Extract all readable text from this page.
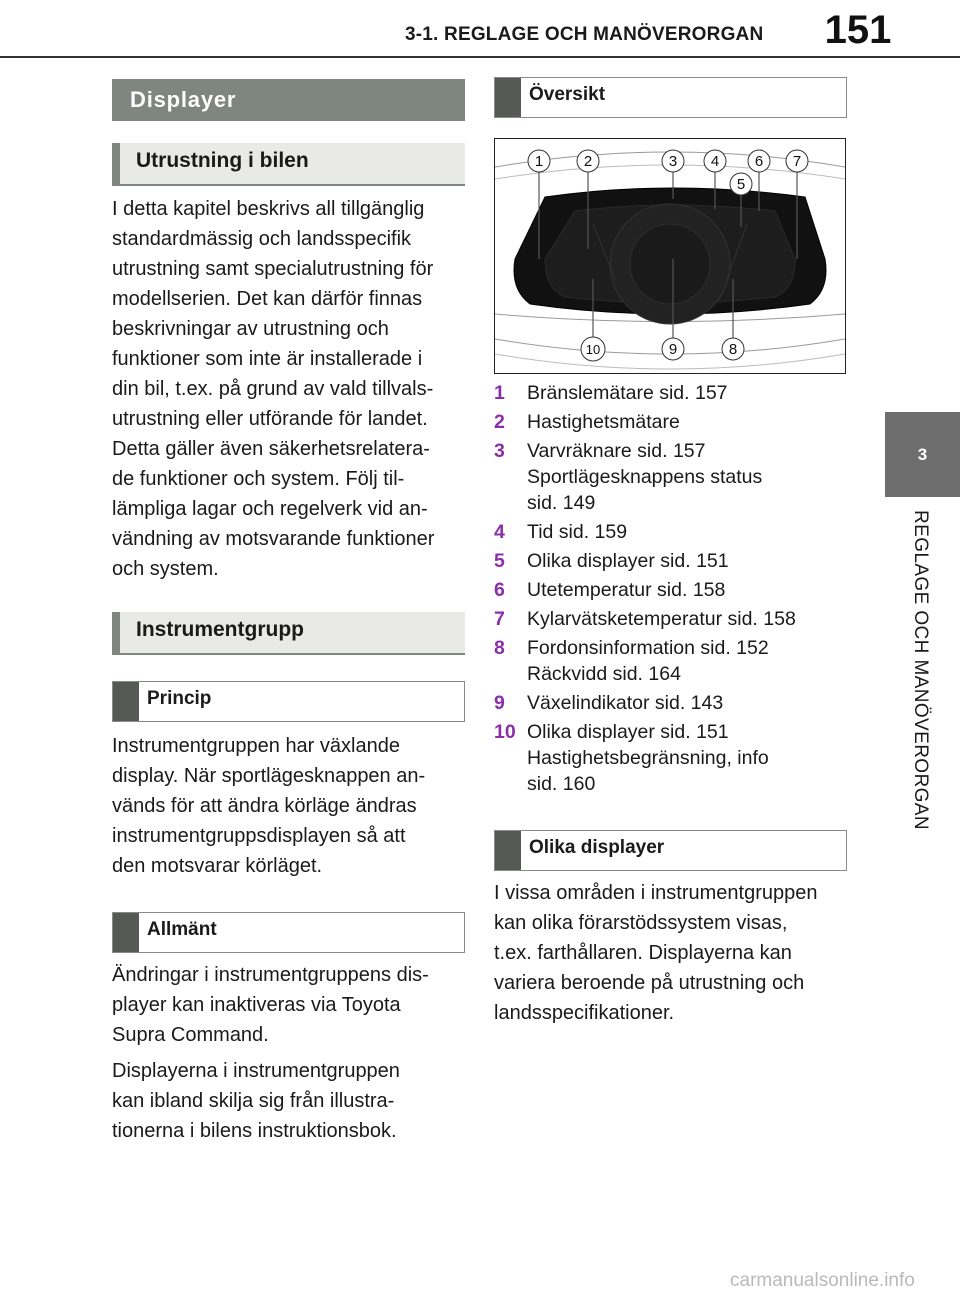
3-1. REGLAGE OCH MANÖVERORGAN	151
3
REGLAGE OCH MANÖVERORGAN
Displayer
Utrustning i bilen
I detta kapitel beskrivs all tillgänglig
standardmässig och landsspecifik
utrustning samt specialutrustning för
modellserien. Det kan därför finnas
beskrivningar av utrustning och
funktioner som inte är installerade i
din bil, t.ex. på grund av vald tillvals-
utrustning eller utförande för landet.
Detta gäller även säkerhetsrelatera-
de funktioner och system. Följ til-
lämpliga lagar och regelverk vid an-
vändning av motsvarande funktioner
och system.
Instrumentgrupp
Princip
Instrumentgruppen har växlande
display. När sportlägesknappen an-
vänds för att ändra körläge ändras
instrumentgruppsdisplayen så att
den motsvarar körläget.
Allmänt
Ändringar i instrumentgruppens dis-
player kan inaktiveras via Toyota
Supra Command.
Displayerna i instrumentgruppen
kan ibland skilja sig från illustra-
tionerna i bilens instruktionsbok.
Översikt
1	2	3 4
5
6 7
8
9
10
1	Bränslemätare sid. 157
2	Hastighetsmätare
3	Varvräknare sid. 157
Sportlägesknappens status
sid. 149
4	Tid sid. 159
5	Olika displayer sid. 151
6	Utetemperatur sid. 158
7	Kylarvätsketemperatur sid. 158
8	Fordonsinformation sid. 152
Räckvidd sid. 164
9	Växelindikator sid. 143
10 Olika displayer sid. 151
Hastighetsbegränsning, info
sid. 160
Olika displayer
I vissa områden i instrumentgruppen
kan olika förarstödssystem visas,
t.ex. farthållaren. Displayerna kan
variera beroende på utrustning och
landsspecifikationer.
carmanualsonline.info
